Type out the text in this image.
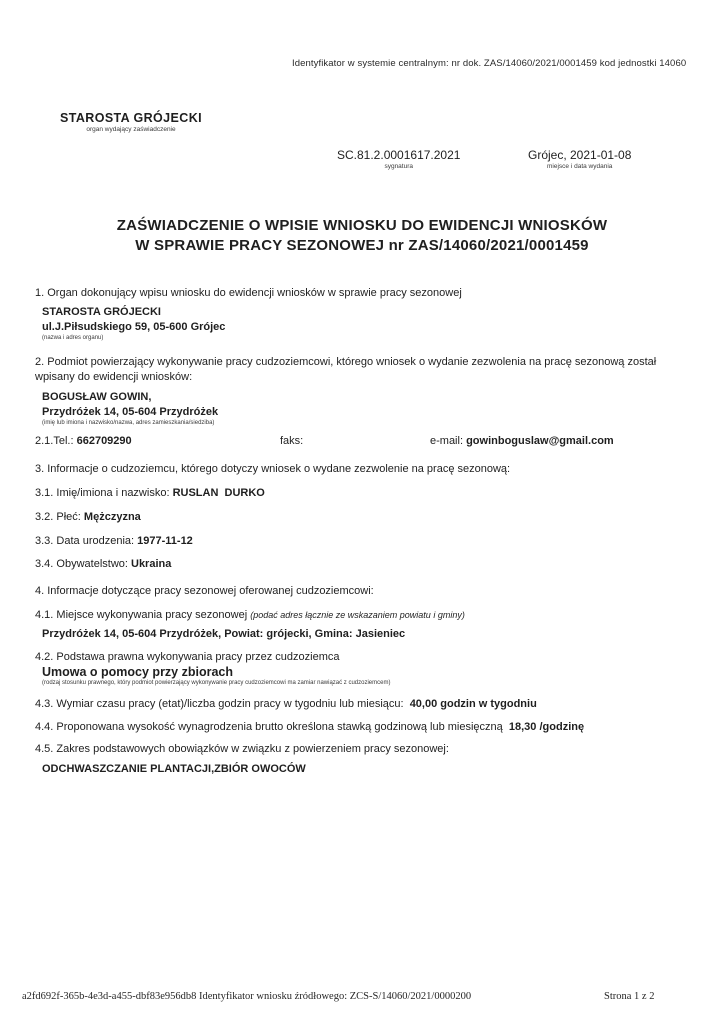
Identyfikator w systemie centralnym: nr dok. ZAS/14060/2021/0001459 kod jednostki 14060
STAROSTA GRÓJECKI
organ wydający zaświadczenie
SC.81.2.0001617.2021
sygnatura
Grójec, 2021-01-08
miejsce i data wydania
ZAŚWIADCZENIE O WPISIE WNIOSKU DO EWIDENCJI WNIOSKÓW
W SPRAWIE PRACY SEZONOWEJ nr ZAS/14060/2021/0001459
1. Organ dokonujący wpisu wniosku do ewidencji wniosków w sprawie pracy sezonowej
STAROSTA GRÓJECKI
ul.J.Piłsudskiego 59, 05-600 Grójec
(nazwa i adres organu)
2. Podmiot powierzający wykonywanie pracy cudzoziemcowi, którego wniosek o wydanie zezwolenia na pracę sezonową został wpisany do ewidencji wniosków:
BOGUSŁAW GOWIN,
Przydróżek 14, 05-604 Przydróżek
(imię lub imiona i nazwisko/nazwa, adres zamieszkania/siedziba)
2.1.Tel.: 662709290	faks:	e-mail: gowinboguslaw@gmail.com
3. Informacje o cudzoziemcu, którego dotyczy wniosek o wydane zezwolenie na pracę sezonową:
3.1. Imię/imiona i nazwisko: RUSLAN  DURKO
3.2. Płeć: Mężczyzna
3.3. Data urodzenia: 1977-11-12
3.4. Obywatelstwo: Ukraina
4. Informacje dotyczące pracy sezonowej oferowanej cudzoziemcowi:
4.1. Miejsce wykonywania pracy sezonowej (podać adres łącznie ze wskazaniem powiatu i gminy)
Przydróżek 14, 05-604 Przydróżek, Powiat: grójecki, Gmina: Jasieniec
4.2. Podstawa prawna wykonywania pracy przez cudzoziemca
Umowa o pomocy przy zbiorach
(rodzaj stosunku prawnego, który podmiot powierzający wykonywanie pracy cudzoziemcowi ma zamiar nawiązać z cudzoziemcem)
4.3. Wymiar czasu pracy (etat)/liczba godzin pracy w tygodniu lub miesiącu: 40,00 godzin w tygodniu
4.4. Proponowana wysokość wynagrodzenia brutto określona stawką godzinową lub miesięczną 18,30 /godzinę
4.5. Zakres podstawowych obowiązków w związku z powierzeniem pracy sezonowej:
ODCHWASZCZANIE PLANTACJI,ZBIÓR OWOCÓW
a2fd692f-365b-4e3d-a455-dbf83e956db8 Identyfikator wniosku źródłowego: ZCS-S/14060/2021/0000200	Strona 1 z 2
